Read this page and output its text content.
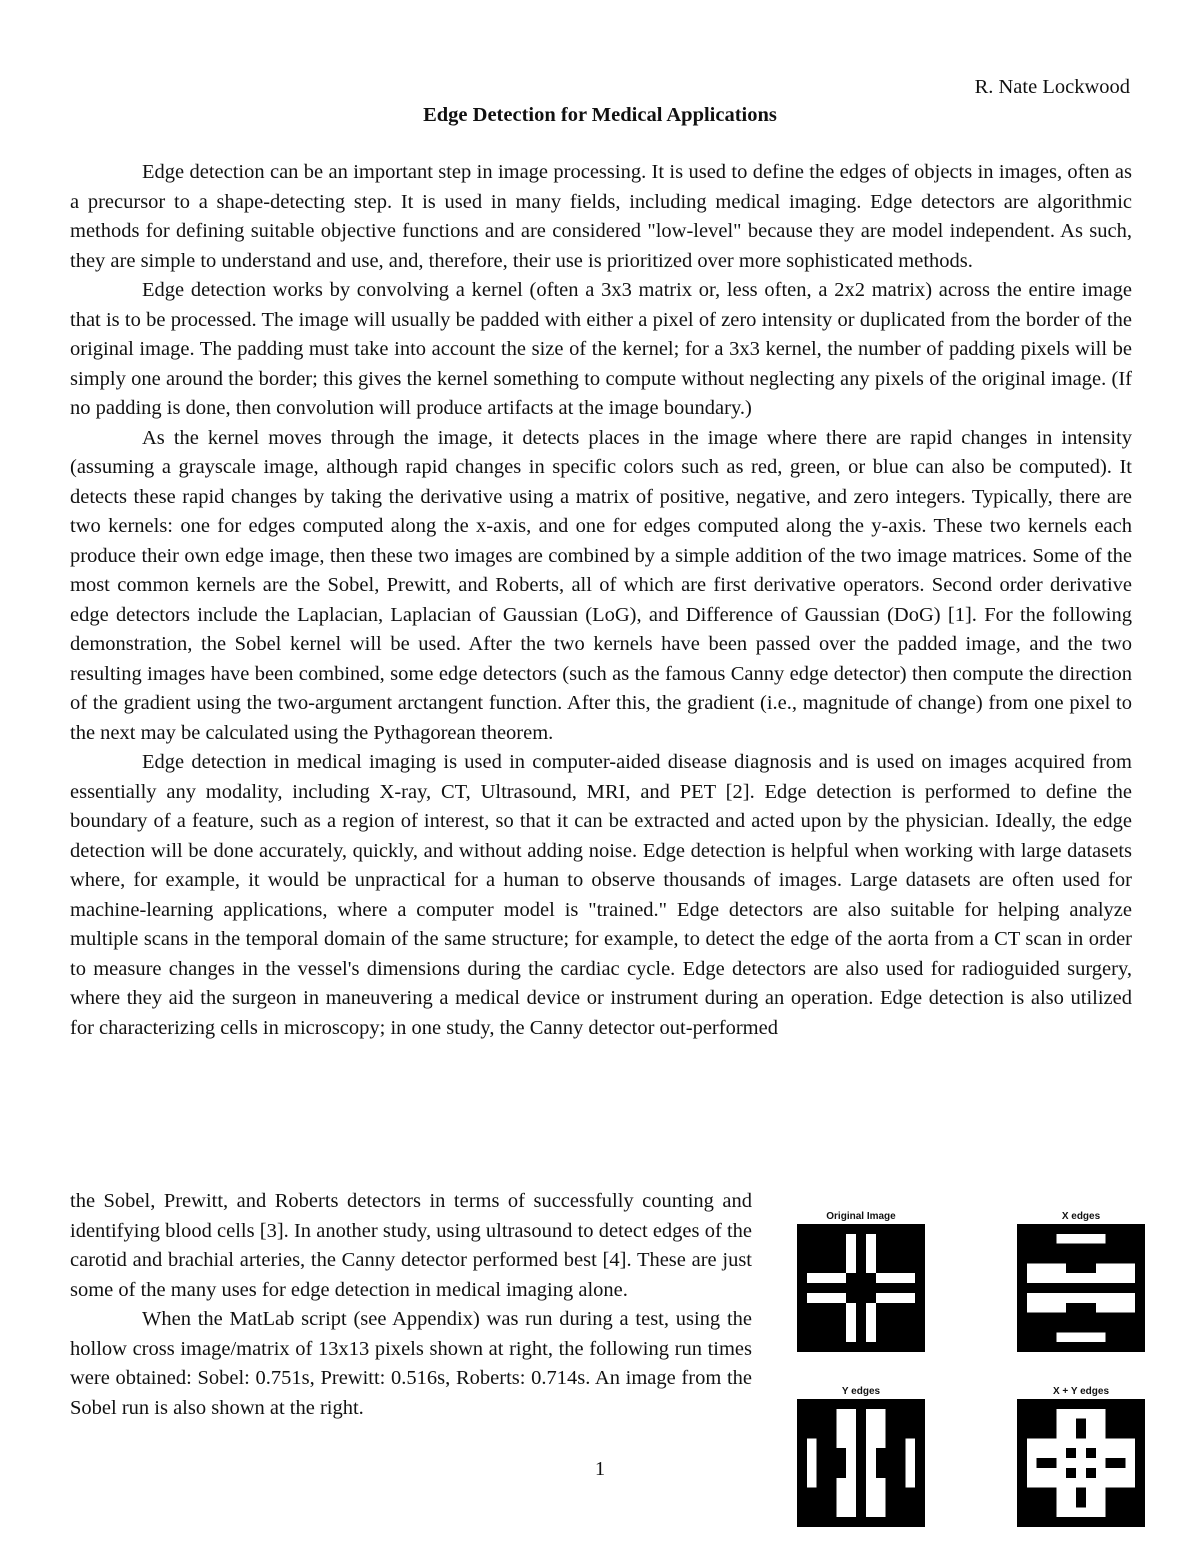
R. Nate Lockwood
Edge Detection for Medical Applications

Edge detection can be an important step in image processing. It is used to define the edges of objects in images, often as a precursor to a shape-detecting step. It is used in many fields, including medical imaging. Edge detectors are algorithmic methods for defining suitable objective functions and are considered "low-level" because they are model independent. As such, they are simple to understand and use, and, therefore, their use is prioritized over more sophisticated methods.

Edge detection works by convolving a kernel (often a 3x3 matrix or, less often, a 2x2 matrix) across the entire image that is to be processed. The image will usually be padded with either a pixel of zero intensity or duplicated from the border of the original image. The padding must take into account the size of the kernel; for a 3x3 kernel, the number of padding pixels will be simply one around the border; this gives the kernel something to compute without neglecting any pixels of the original image. (If no padding is done, then convolution will produce artifacts at the image boundary.)

As the kernel moves through the image, it detects places in the image where there are rapid changes in intensity (assuming a grayscale image, although rapid changes in specific colors such as red, green, or blue can also be computed). It detects these rapid changes by taking the derivative using a matrix of positive, negative, and zero integers. Typically, there are two kernels: one for edges computed along the x-axis, and one for edges computed along the y-axis. These two kernels each produce their own edge image, then these two images are combined by a simple addition of the two image matrices. Some of the most common kernels are the Sobel, Prewitt, and Roberts, all of which are first derivative operators. Second order derivative edge detectors include the Laplacian, Laplacian of Gaussian (LoG), and Difference of Gaussian (DoG) [1]. For the following demonstration, the Sobel kernel will be used. After the two kernels have been passed over the padded image, and the two resulting images have been combined, some edge detectors (such as the famous Canny edge detector) then compute the direction of the gradient using the two-argument arctangent function. After this, the gradient (i.e., magnitude of change) from one pixel to the next may be calculated using the Pythagorean theorem.

Edge detection in medical imaging is used in computer-aided disease diagnosis and is used on images acquired from essentially any modality, including X-ray, CT, Ultrasound, MRI, and PET [2]. Edge detection is performed to define the boundary of a feature, such as a region of interest, so that it can be extracted and acted upon by the physician. Ideally, the edge detection will be done accurately, quickly, and without adding noise. Edge detection is helpful when working with large datasets where, for example, it would be unpractical for a human to observe thousands of images. Large datasets are often used for machine-learning applications, where a computer model is "trained." Edge detectors are also suitable for helping analyze multiple scans in the temporal domain of the same structure; for example, to detect the edge of the aorta from a CT scan in order to measure changes in the vessel's dimensions during the cardiac cycle. Edge detectors are also used for radioguided surgery, where they aid the surgeon in maneuvering a medical device or instrument during an operation. Edge detection is also utilized for characterizing cells in microscopy; in one study, the Canny detector out-performed

the Sobel, Prewitt, and Roberts detectors in terms of successfully counting and identifying blood cells [3]. In another study, using ultrasound to detect edges of the carotid and brachial arteries, the Canny detector performed best [4]. These are just some of the many uses for edge detection in medical imaging alone.

When the MatLab script (see Appendix) was run during a test, using the hollow cross image/matrix of 13x13 pixels shown at right, the following run times were obtained: Sobel: 0.751s, Prewitt: 0.516s, Roberts: 0.714s. An image from the Sobel run is also shown at the right.

Original Image	X edges
Y edges	X + Y edges
1
